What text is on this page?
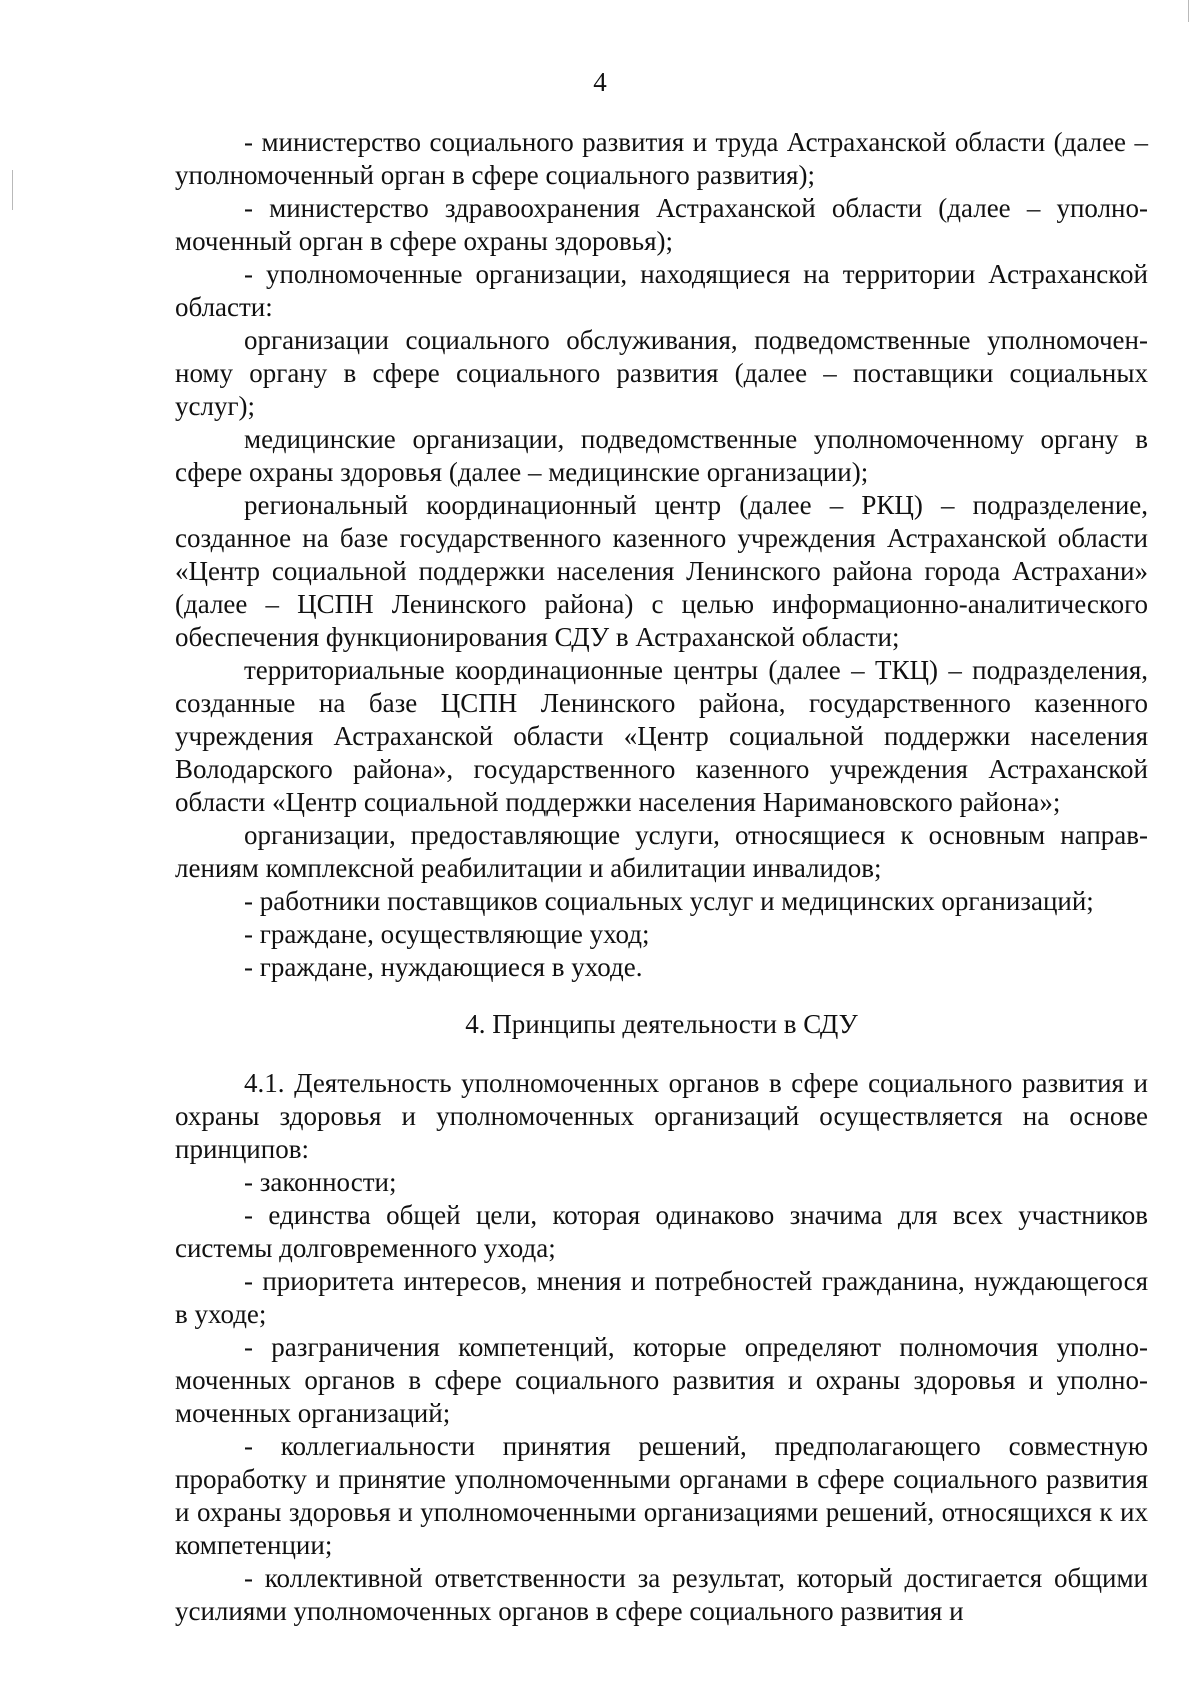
4

- министерство социального развития и труда Астраханской области (далее – уполномоченный орган в сфере социального развития);

- министерство здравоохранения Астраханской области (далее – уполномоченный орган в сфере охраны здоровья);

- уполномоченные организации, находящиеся на территории Астраханской области:

организации социального обслуживания, подведомственные уполномоченному органу в сфере социального развития (далее – поставщики социальных услуг);

медицинские организации, подведомственные уполномоченному органу в сфере охраны здоровья (далее – медицинские организации);

региональный координационный центр (далее – РКЦ) – подразделение, созданное на базе государственного казенного учреждения Астраханской области «Центр социальной поддержки населения Ленинского района города Астрахани» (далее – ЦСПН Ленинского района) с целью информационно-аналитического обеспечения функционирования СДУ в Астраханской области;

территориальные координационные центры (далее – ТКЦ) – подразделения, созданные на базе ЦСПН Ленинского района, государственного казенного учреждения Астраханской области «Центр социальной поддержки населения Володарского района», государственного казенного учреждения Астраханской области «Центр социальной поддержки населения Наримановского района»;

организации, предоставляющие услуги, относящиеся к основным направлениям комплексной реабилитации и абилитации инвалидов;

- работники поставщиков социальных услуг и медицинских организаций;

- граждане, осуществляющие уход;

- граждане, нуждающиеся в уходе.

4. Принципы деятельности в СДУ

4.1. Деятельность уполномоченных органов в сфере социального развития и охраны здоровья и уполномоченных организаций осуществляется на основе принципов:

- законности;

- единства общей цели, которая одинаково значима для всех участников системы долговременного ухода;

- приоритета интересов, мнения и потребностей гражданина, нуждающегося в уходе;

- разграничения компетенций, которые определяют полномочия уполномоченных органов в сфере социального развития и охраны здоровья и уполномоченных организаций;

- коллегиальности принятия решений, предполагающего совместную проработку и принятие уполномоченными органами в сфере социального развития и охраны здоровья и уполномоченными организациями решений, относящихся к их компетенции;

- коллективной ответственности за результат, который достигается общими усилиями уполномоченных органов в сфере социального развития и
